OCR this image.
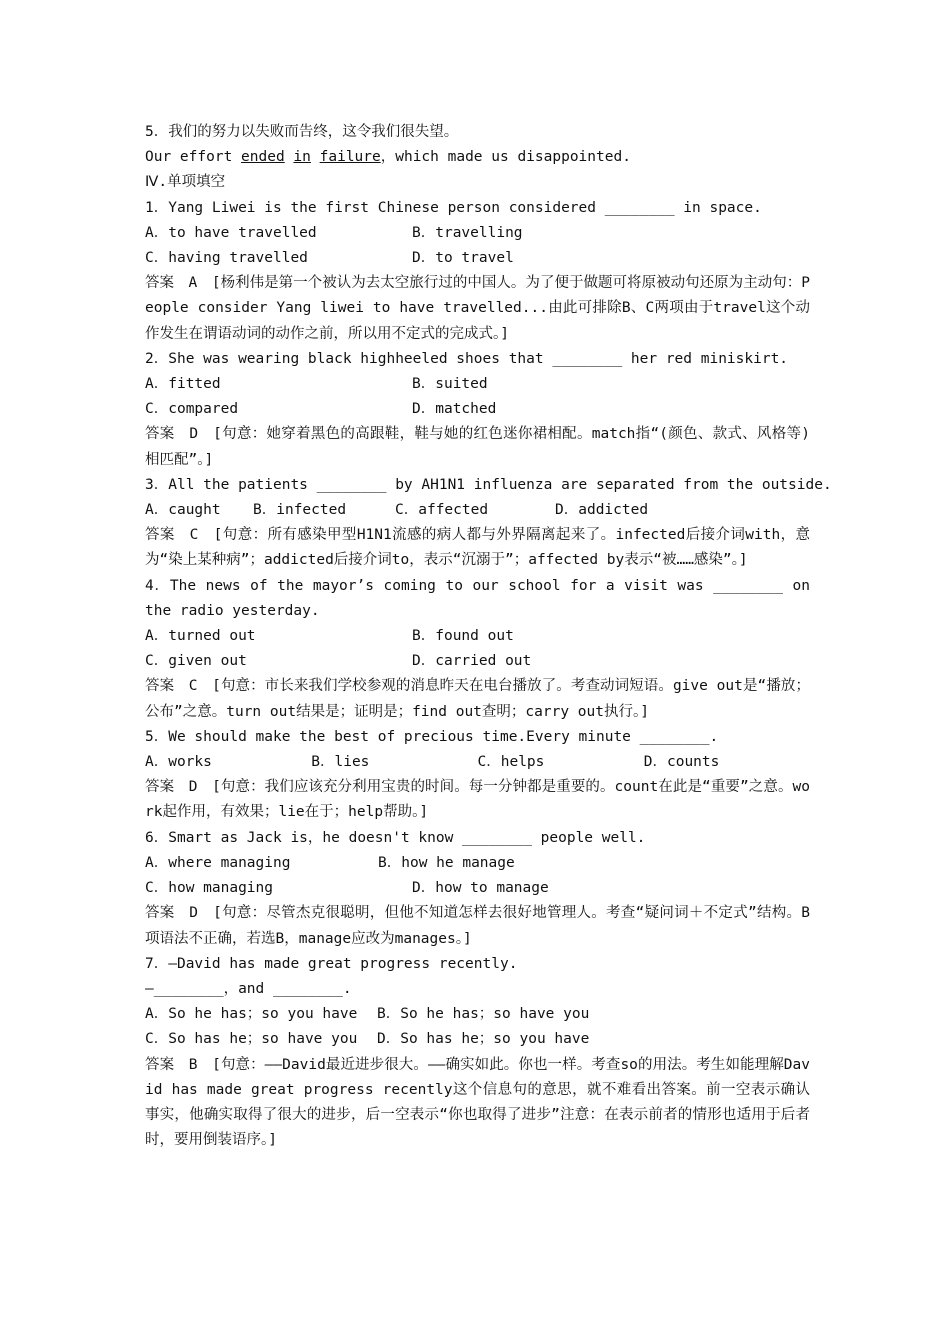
5．我们的努力以失败而告终，这令我们很失望。
Our effort ended in failure，which made us disappointed.
Ⅳ.单项填空
1．Yang Liwei is the first Chinese person considered ________ in space.
A．to have travelled	B．travelling
C．having travelled	D．to travel
答案　A　[杨利伟是第一个被认为去太空旅行过的中国人。为了便于做题可将原被动句还原为主动句：People consider Yang liwei to have travelled...由此可排除B、C两项由于travel这个动作发生在谓语动词的动作之前，所以用不定式的完成式。]
2．She was wearing black highheeled shoes that ________ her red miniskirt.
A．fitted	B．suited
C．compared	D．matched
答案　D　[句意：她穿着黑色的高跟鞋，鞋与她的红色迷你裙相配。match指“(颜色、款式、风格等)相匹配”。]
3．All the patients ________ by AH1N1 influenza are separated from the outside.
A．caught	B．infected	C．affected	D．addicted
答案　C　[句意：所有感染甲型H1N1流感的病人都与外界隔离起来了。infected后接介词with，意为“染上某种病”；addicted后接介词to，表示“沉溺于”；affected by表示“被……感染”。]
4．The news of the mayor’s coming to our school for a visit was ________ on the radio yesterday.
A．turned out	B．found out
C．given out	D．carried out
答案　C　[句意：市长来我们学校参观的消息昨天在电台播放了。考查动词短语。give out是“播放；公布”之意。turn out结果是；证明是；find out查明；carry out执行。]
5．We should make the best of precious time.Every minute ________.
A．works	B．lies	C．helps	D．counts
答案　D　[句意：我们应该充分利用宝贵的时间。每一分钟都是重要的。count在此是“重要”之意。work起作用，有效果；lie在于；help帮助。]
6．Smart as Jack is，he doesn't know ________ people well.
A．where managing	B．how he manage
C．how managing	D．how to manage
答案　D　[句意：尽管杰克很聪明，但他不知道怎样去很好地管理人。考查“疑问词＋不定式”结构。B项语法不正确，若选B，manage应改为manages。]
7．—David has made great progress recently.
—________，and ________.
A．So he has；so you have	B．So he has；so have you
C．So has he；so have you	D．So has he；so you have
答案　B　[句意：——David最近进步很大。——确实如此。你也一样。考查so的用法。考生如能理解David has made great progress recently这个信息句的意思，就不难看出答案。前一空表示确认事实，他确实取得了很大的进步，后一空表示“你也取得了进步”注意：在表示前者的情形也适用于后者时，要用倒装语序。]
